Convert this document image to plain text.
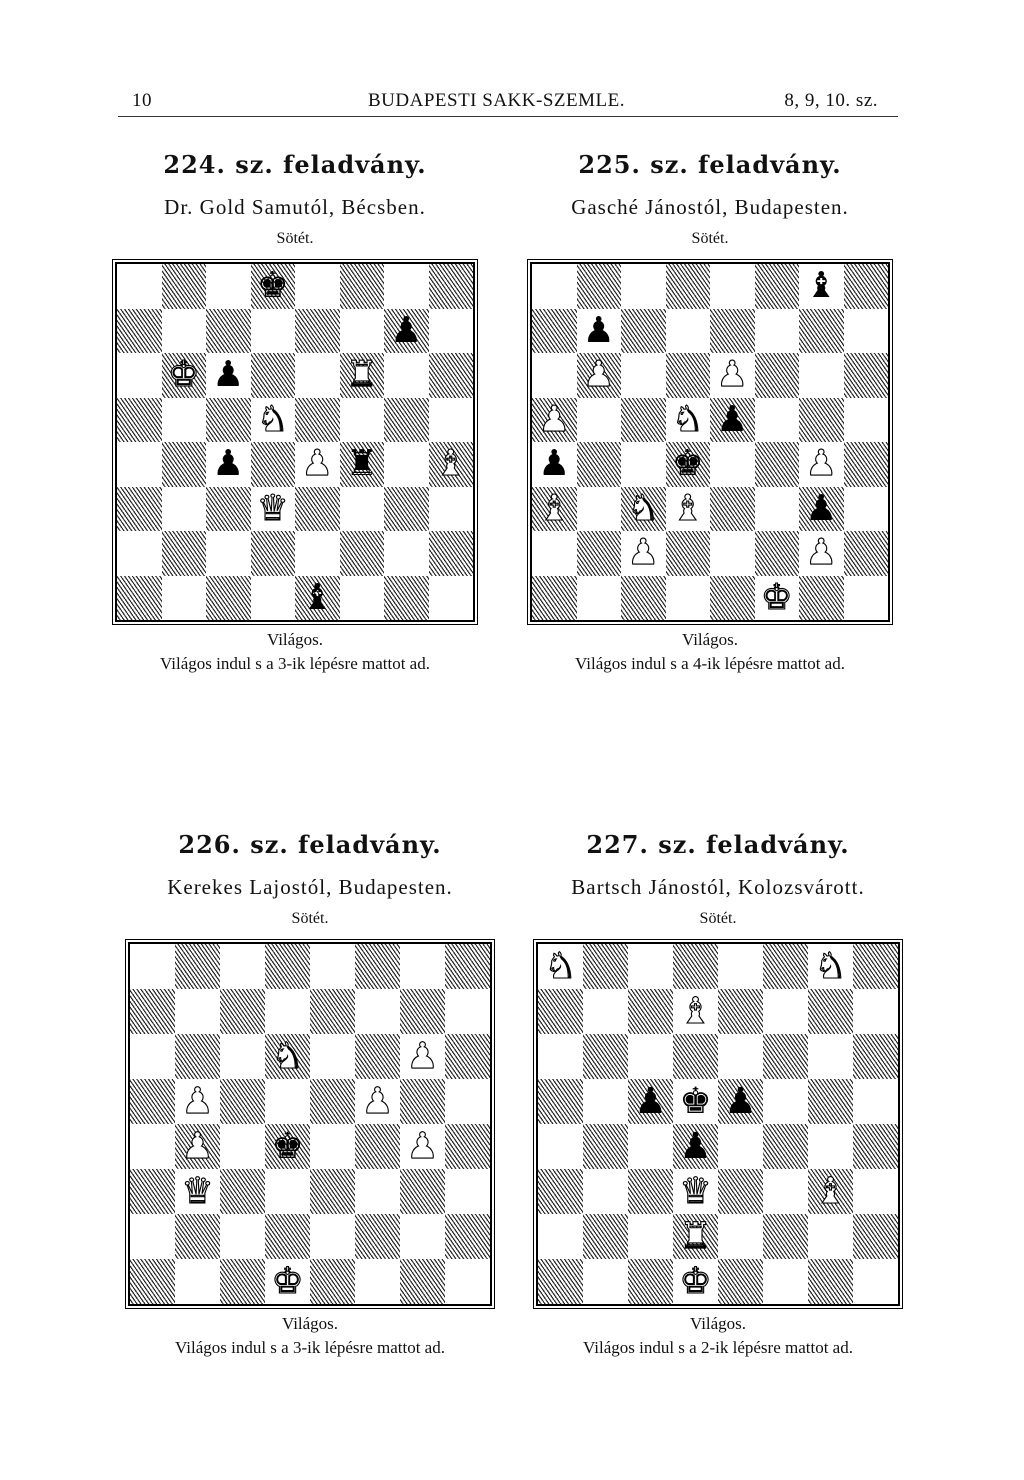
10	BUDAPESTI SAKK-SZEMLE.	8, 9, 10. sz.
224. sz. feladvány.
Dr. Gold Samutól, Bécsben.
Sötét.
♚
♟
♚ ♟	♜
♞
♟ ♟ ♜ ♝
♛
♝
Világos.
Világos indul s a 3-ik lépésre mattot ad.
225. sz. feladvány.
Gasché Jánostól, Budapesten.
Sötét.
♝
♟
♟	♟
♟	♞ ♟
♟	♚	♟
♝ ♞ ♝	♟
♟	♟
♚
Világos.
Világos indul s a 4-ik lépésre mattot ad.
226. sz. feladvány.
Kerekes Lajostól, Budapesten.
Sötét.
♞	♟
♟	♟
♟ ♚	♟
♛
♚
Világos.
Világos indul s a 3-ik lépésre mattot ad.
227. sz. feladvány.
Bartsch Jánostól, Kolozsvárott.
Sötét.
♞	♞
♝
♟ ♚ ♟
♟
♛	♝
♜
♚
Világos.
Világos indul s a 2-ik lépésre mattot ad.
